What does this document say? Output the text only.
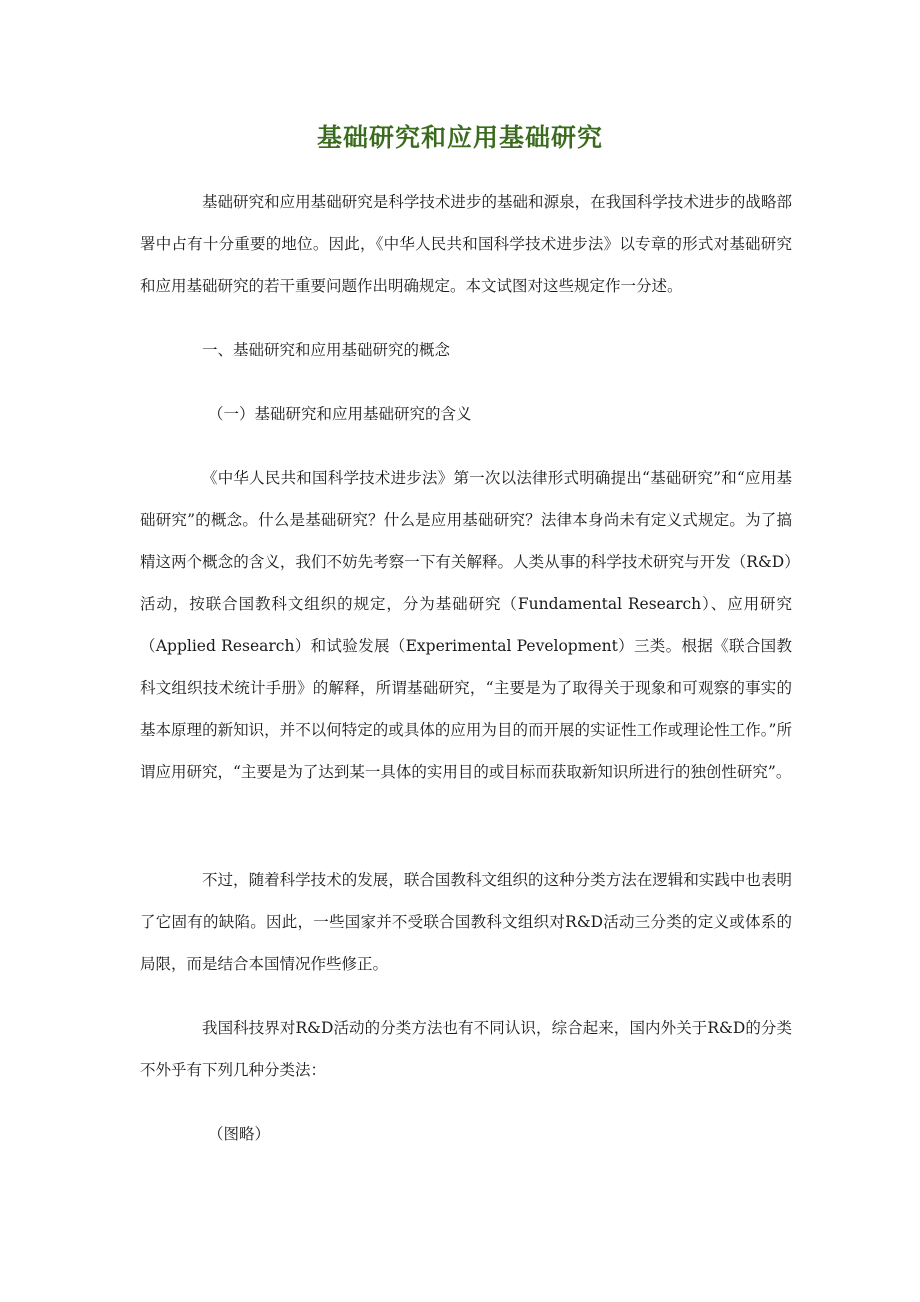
基础研究和应用基础研究

基础研究和应用基础研究是科学技术进步的基础和源泉，在我国科学技术进步的战略部署中占有十分重要的地位。因此，《中华人民共和国科学技术进步法》以专章的形式对基础研究和应用基础研究的若干重要问题作出明确规定。本文试图对这些规定作一分述。

一、基础研究和应用基础研究的概念

（一）基础研究和应用基础研究的含义

《中华人民共和国科学技术进步法》第一次以法律形式明确提出“基础研究”和“应用基础研究”的概念。什么是基础研究？什么是应用基础研究？法律本身尚未有定义式规定。为了搞精这两个概念的含义，我们不妨先考察一下有关解释。人类从事的科学技术研究与开发（R&D）活动，按联合国教科文组织的规定，分为基础研究（Fundamental Research）、应用研究（Applied Research）和试验发展（Experimental Pevelopment）三类。根据《联合国教科文组织技术统计手册》的解释，所谓基础研究，“主要是为了取得关于现象和可观察的事实的基本原理的新知识，并不以何特定的或具体的应用为目的而开展的实证性工作或理论性工作。”所谓应用研究，“主要是为了达到某一具体的实用目的或目标而获取新知识所进行的独创性研究”。

不过，随着科学技术的发展，联合国教科文组织的这种分类方法在逻辑和实践中也表明了它固有的缺陷。因此，一些国家并不受联合国教科文组织对R&D活动三分类的定义或体系的局限，而是结合本国情况作些修正。

我国科技界对R&D活动的分类方法也有不同认识，综合起来，国内外关于R&D的分类不外乎有下列几种分类法：

（图略）
